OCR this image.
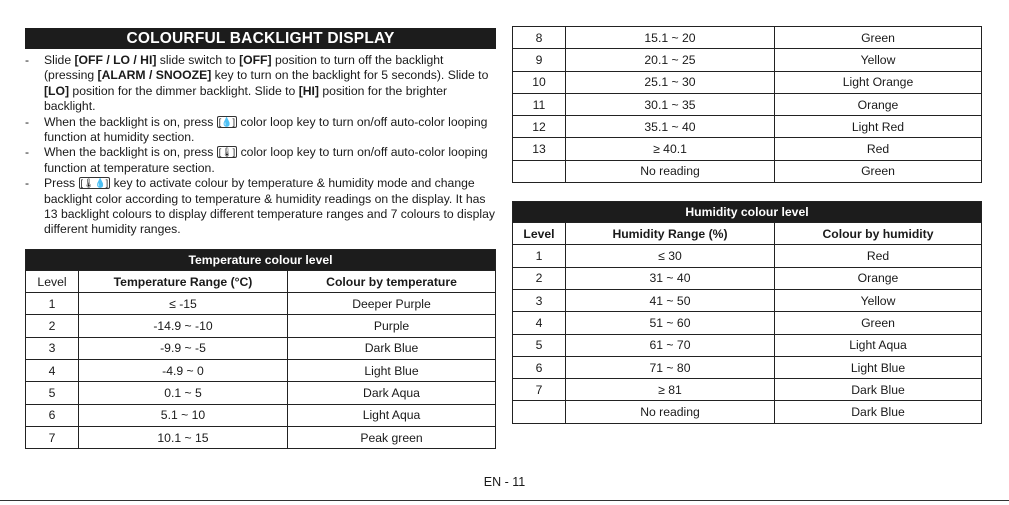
COLOURFUL BACKLIGHT DISPLAY
- Slide [OFF / LO / HI] slide switch to [OFF] position to turn off the backlight (pressing [ALARM / SNOOZE] key to turn on the backlight for 5 seconds). Slide to [LO] position for the dimmer backlight. Slide to [HI] position for the brighter backlight.
- When the backlight is on, press [💧] color loop key to turn on/off auto-color looping function at humidity section.
- When the backlight is on, press [🌡] color loop key to turn on/off auto-color looping function at temperature section.
- Press [🌡💧] key to activate colour by temperature & humidity mode and change backlight color according to temperature & humidity readings on the display. It has 13 backlight colours to display different temperature ranges and 7 colours to display different humidity ranges.
Temperature colour level		
Level	Temperature Range (°C)	Colour by temperature
1	≤ -15	Deeper Purple
2	-14.9 ~ -10	Purple
3	-9.9 ~ -5	Dark Blue
4	-4.9 ~ 0	Light Blue
5	0.1 ~ 5	Dark Aqua
6	5.1 ~ 10	Light Aqua
7	10.1 ~ 15	Peak green
8	15.1 ~ 20	Green
9	20.1 ~ 25	Yellow
10	25.1 ~ 30	Light Orange
11	30.1 ~ 35	Orange
12	35.1 ~ 40	Light Red
13	≥ 40.1	Red
	No reading	Green
Humidity colour level		
Level	Humidity Range (%)	Colour by humidity
1	≤ 30	Red
2	31 ~ 40	Orange
3	41 ~ 50	Yellow
4	51 ~ 60	Green
5	61 ~ 70	Light Aqua
6	71 ~ 80	Light Blue
7	≥ 81	Dark Blue
	No reading	Dark Blue
EN - 11
